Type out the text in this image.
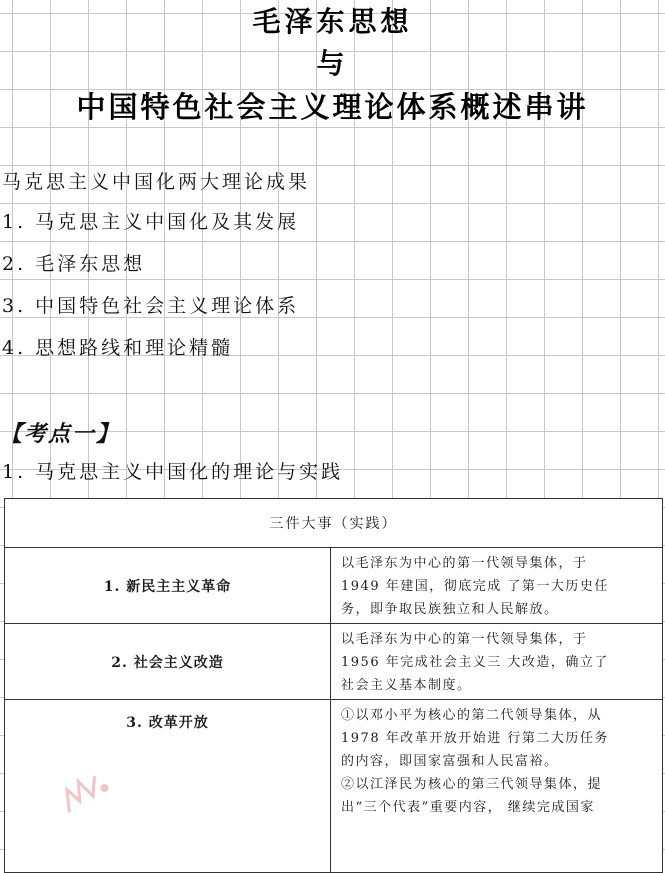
毛泽东思想

与

中国特色社会主义理论体系概述串讲

马克思主义中国化两大理论成果
1. 马克思主义中国化及其发展
2. 毛泽东思想
3. 中国特色社会主义理论体系
4. 思想路线和理论精髓
【考点一】
1. 马克思主义中国化的理论与实践
三件大事（实践）	
1. 新民主主义革命	以毛泽东为中心的第一代领导集体，于
1949 年建国，彻底完成 了第一大历史任
务，即争取民族独立和人民解放。

2. 社会主义改造	以毛泽东为中心的第一代领导集体，于
1956 年完成社会主义三 大改造，确立了
社会主义基本制度。

3. 改革开放	①以邓小平为核心的第二代领导集体，从
1978 年改革开放开始进 行第二大历任务
的内容，即国家富强和人民富裕。
②以江泽民为核心的第三代领导集体，提
出“三个代表”重要内容， 继续完成国家
